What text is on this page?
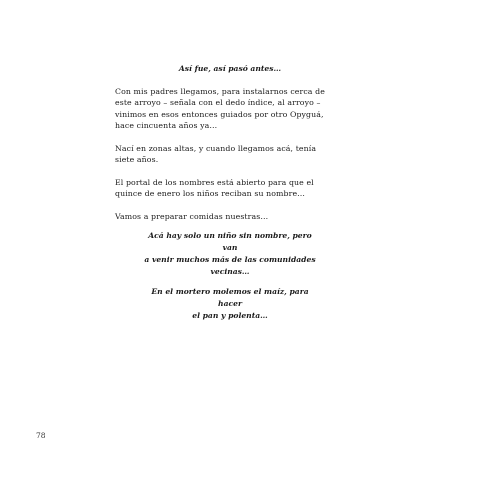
Así fue, así pasó antes…

Con mis padres llegamos, para instalarnos cerca de

este arroyo – señala con el dedo índice, al arroyo –

vinimos en esos entonces guiados por otro Opyguá,

hace cincuenta años ya…

Nací en zonas altas, y cuando llegamos acá, tenía

siete años.

El portal de los nombres está abierto para que el

quince de enero los niños reciban su nombre…

Vamos a preparar comidas nuestras…

Acá hay solo un niño sin nombre, pero van

a venir muchos más de las comunidades

vecinas…

En el mortero molemos el maíz, para hacer

el pan y polenta…

78
